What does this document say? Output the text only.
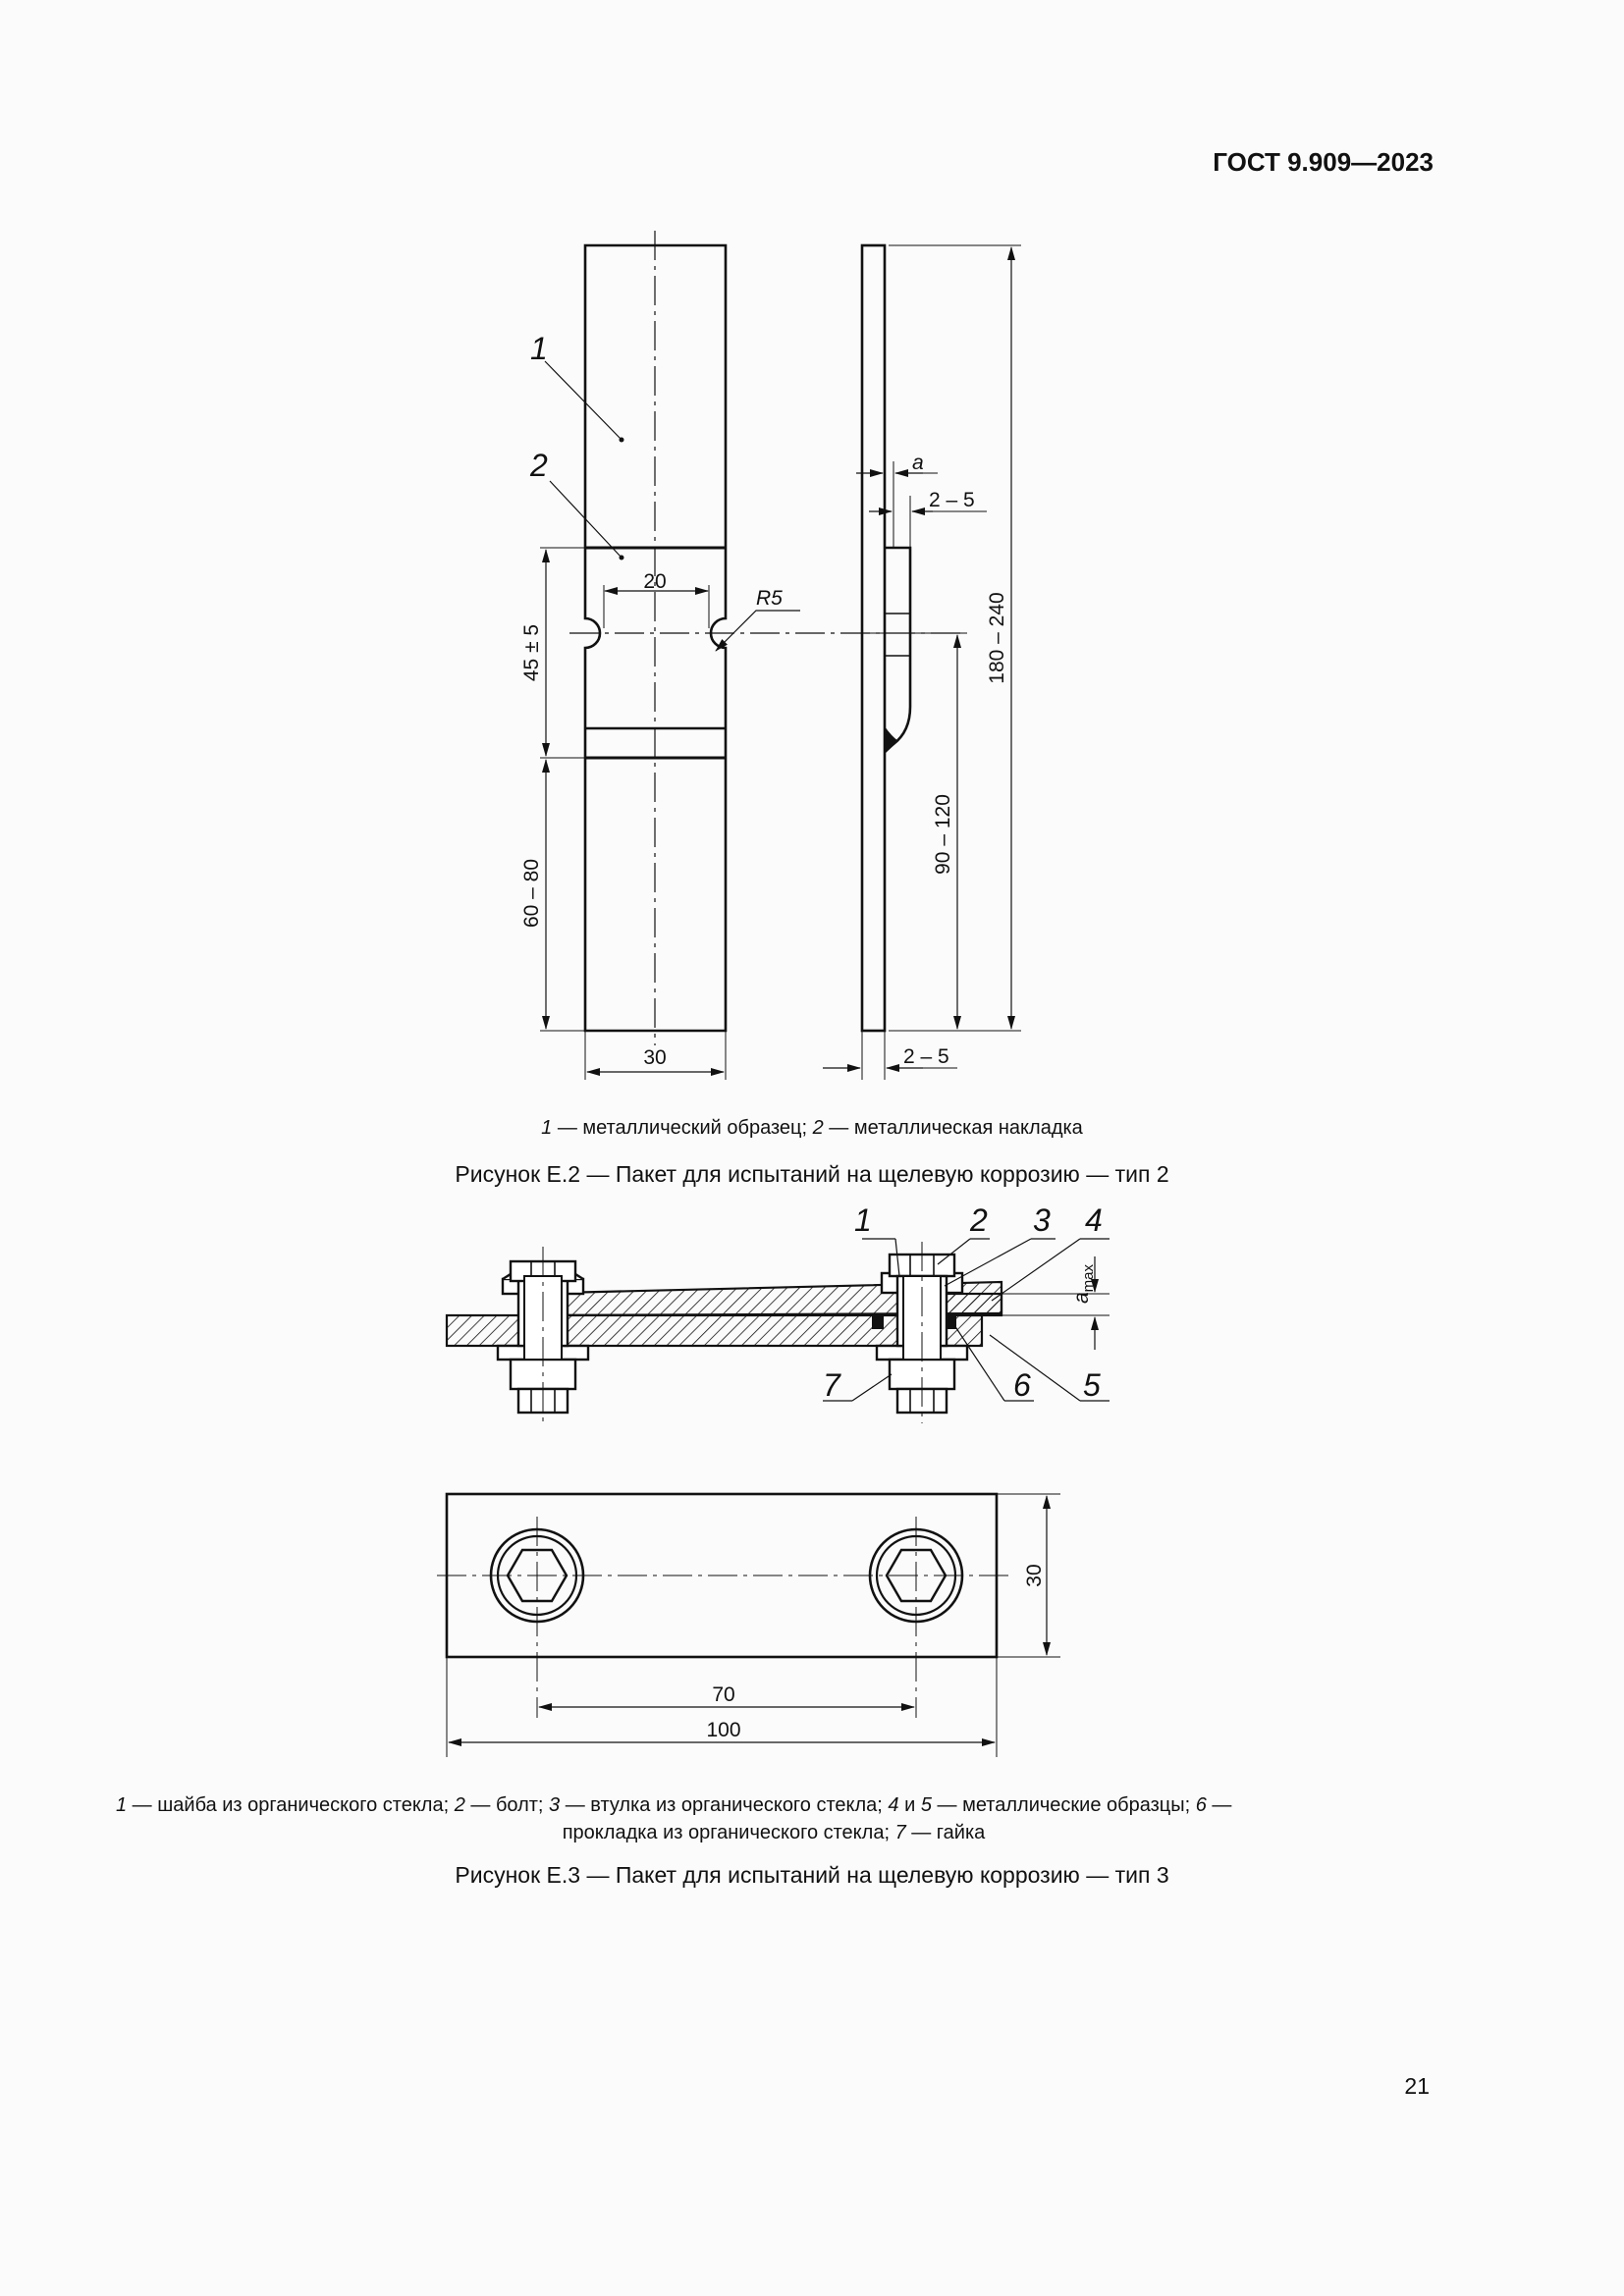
ГОСТ 9.909—2023
1
2
20
R5
45 ± 5
60 – 80
30
a
2 – 5
180 – 240
90 – 120
2 – 5
1	2 3 4
5
6
7
amax
30
70
100
1 — металлический образец; 2 — металлическая накладка
Рисунок Е.2 — Пакет для испытаний на щелевую коррозию — тип 2
1 — шайба из органического стекла; 2 — болт; 3 — втулка из органического стекла; 4 и 5 — металлические образцы; 6 —
прокладка из органического стекла; 7 — гайка
Рисунок Е.3 — Пакет для испытаний на щелевую коррозию — тип 3
21
